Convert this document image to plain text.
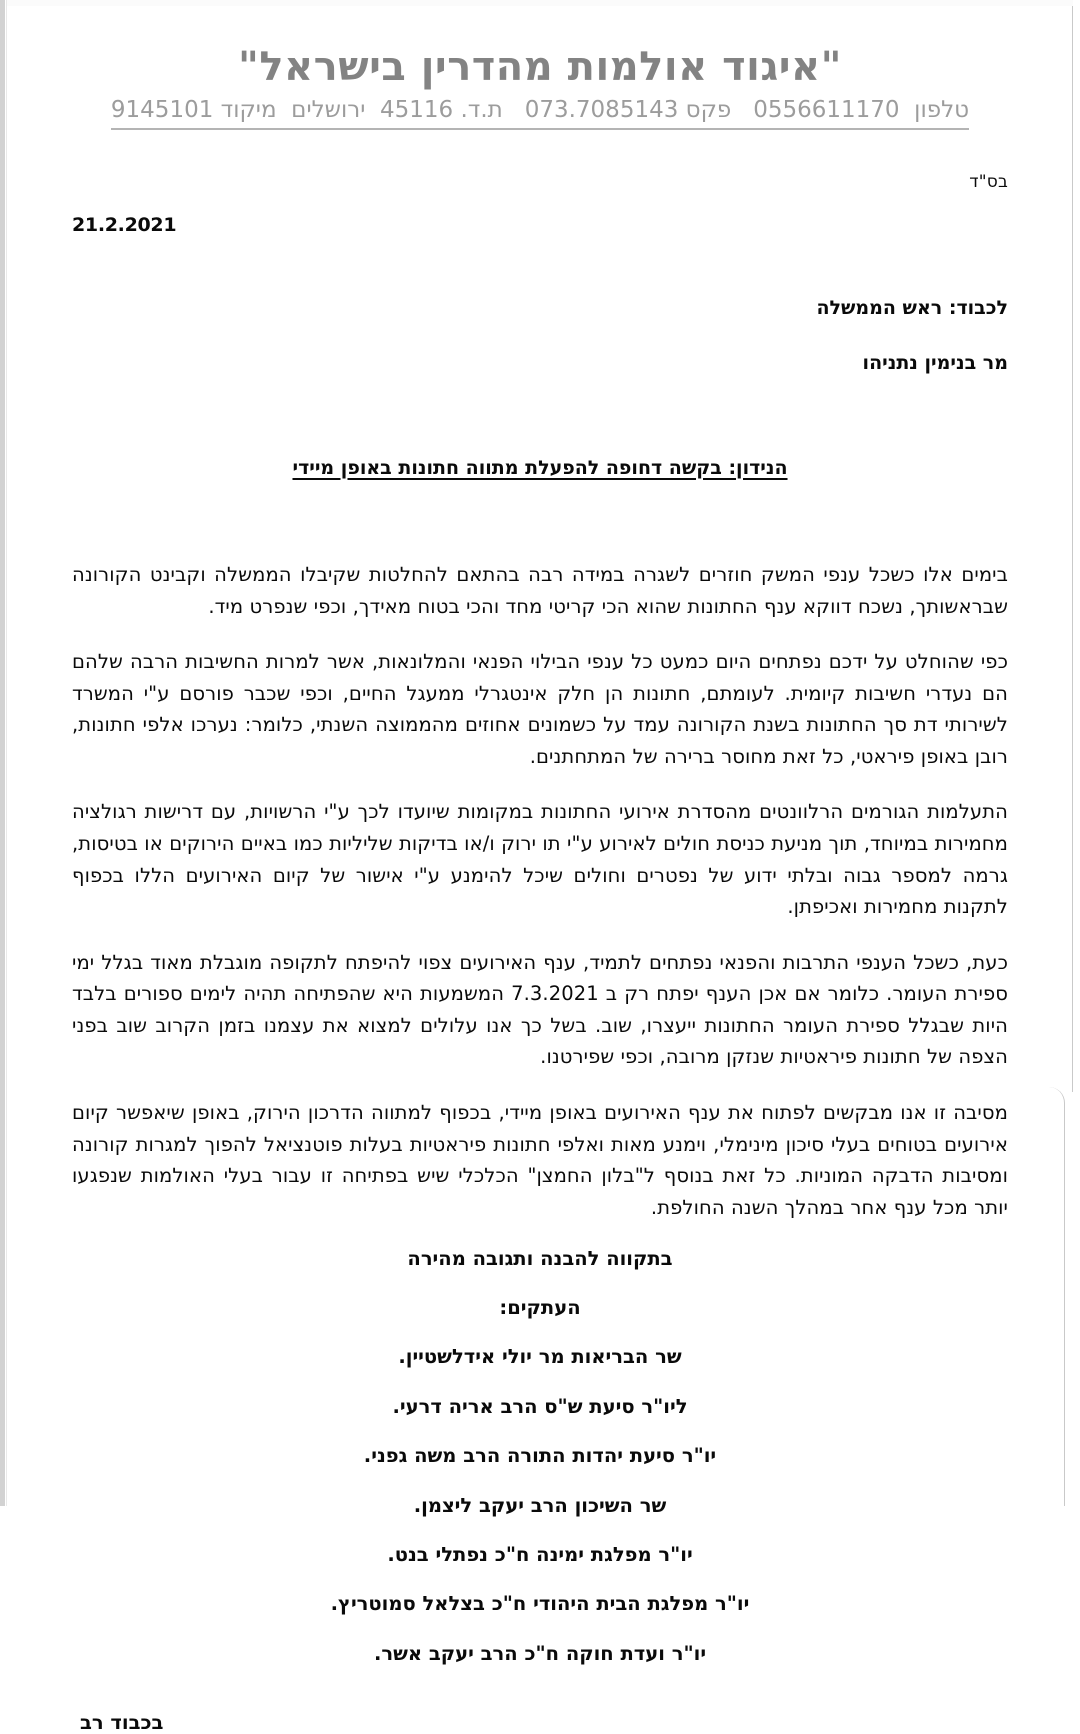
"איגוד אולמות מהדרין בישראל"
טלפון  0556611170   פקס 073.7085143   ת.ד. 45116  ירושלים  מיקוד 9145101
בס"ד
21.2.2021
לכבוד: ראש הממשלה
מר בנימין נתניהו
הנידון: בקשה דחופה להפעלת מתווה חתונות באופן מיידי

בימים אלו כשכל ענפי המשק חוזרים לשגרה במידה רבה בהתאם להחלטות שקיבלו הממשלה וקבינט הקורונה שבראשותך, נשכח דווקא ענף החתונות שהוא הכי קריטי מחד והכי בטוח מאידך, וכפי שנפרט מיד.

כפי שהוחלט על ידכם נפתחים היום כמעט כל ענפי הבילוי הפנאי והמלונאות, אשר למרות החשיבות הרבה שלהם הם נעדרי חשיבות קיומית. לעומתם, חתונות הן חלק אינטגרלי ממעגל החיים, וכפי שכבר פורסם ע"י המשרד לשירותי דת סך החתונות בשנת הקורונה עמד על כשמונים אחוזים מהממוצה השנתי, כלומר: נערכו אלפי חתונות, רובן באופן פיראטי, כל זאת מחוסר ברירה של המתחתנים.

התעלמות הגורמים הרלוונטים מהסדרת אירועי החתונות במקומות שיועדו לכך ע"י הרשויות, עם דרישות רגולציה מחמירות במיוחד, תוך מניעת כניסת חולים לאירוע ע"י תו ירוק ו/או בדיקות שליליות כמו באיים הירוקים או בטיסות, גרמה למספר גבוה ובלתי ידוע של נפטרים וחולים שיכל להימנע ע"י אישור של קיום האירועים הללו בכפוף לתקנות מחמירות ואכיפתן.

כעת, כשכל הענפי התרבות והפנאי נפתחים לתמיד, ענף האירועים צפוי להיפתח לתקופה מוגבלת מאוד בגלל ימי ספירת העומר. כלומר אם אכן הענף יפתח רק ב 7.3.2021 המשמעות היא שהפתיחה תהיה לימים ספורים בלבד היות שבגלל ספירת העומר החתונות ייעצרו, שוב. בשל כך אנו עלולים למצוא את עצמנו בזמן הקרוב שוב בפני הצפה של חתונות פיראטיות שנזקן מרובה, וכפי שפירטנו.

מסיבה זו אנו מבקשים לפתוח את ענף האירועים באופן מיידי, בכפוף למתווה הדרכון הירוק, באופן שיאפשר קיום אירועים בטוחים בעלי סיכון מינימלי, וימנע מאות ואלפי חתונות פיראטיות בעלות פוטנציאל להפוך למגרות קורונה ומסיבות הדבקה המוניות. כל זאת בנוסף ל"בלון החמצן" הכלכלי שיש בפתיחה זו עבור בעלי האולמות שנפגעו יותר מכל ענף אחר במהלך השנה החולפת.

בתקווה להבנה ותגובה מהירה
העתקים:
שר הבריאות מר יולי אידלשטיין.
ליו"ר סיעת ש"ס הרב אריה דרעי.
יו"ר סיעת יהדות התורה הרב משה גפני.
שר השיכון הרב יעקב ליצמן.
יו"ר מפלגת ימינה ח"כ נפתלי בנט.
יו"ר מפלגת הבית היהודי ח"כ בצלאל סמוטריץ.
יו"ר ועדת חוקה ח"כ הרב יעקב אשר.
בכבוד רב
